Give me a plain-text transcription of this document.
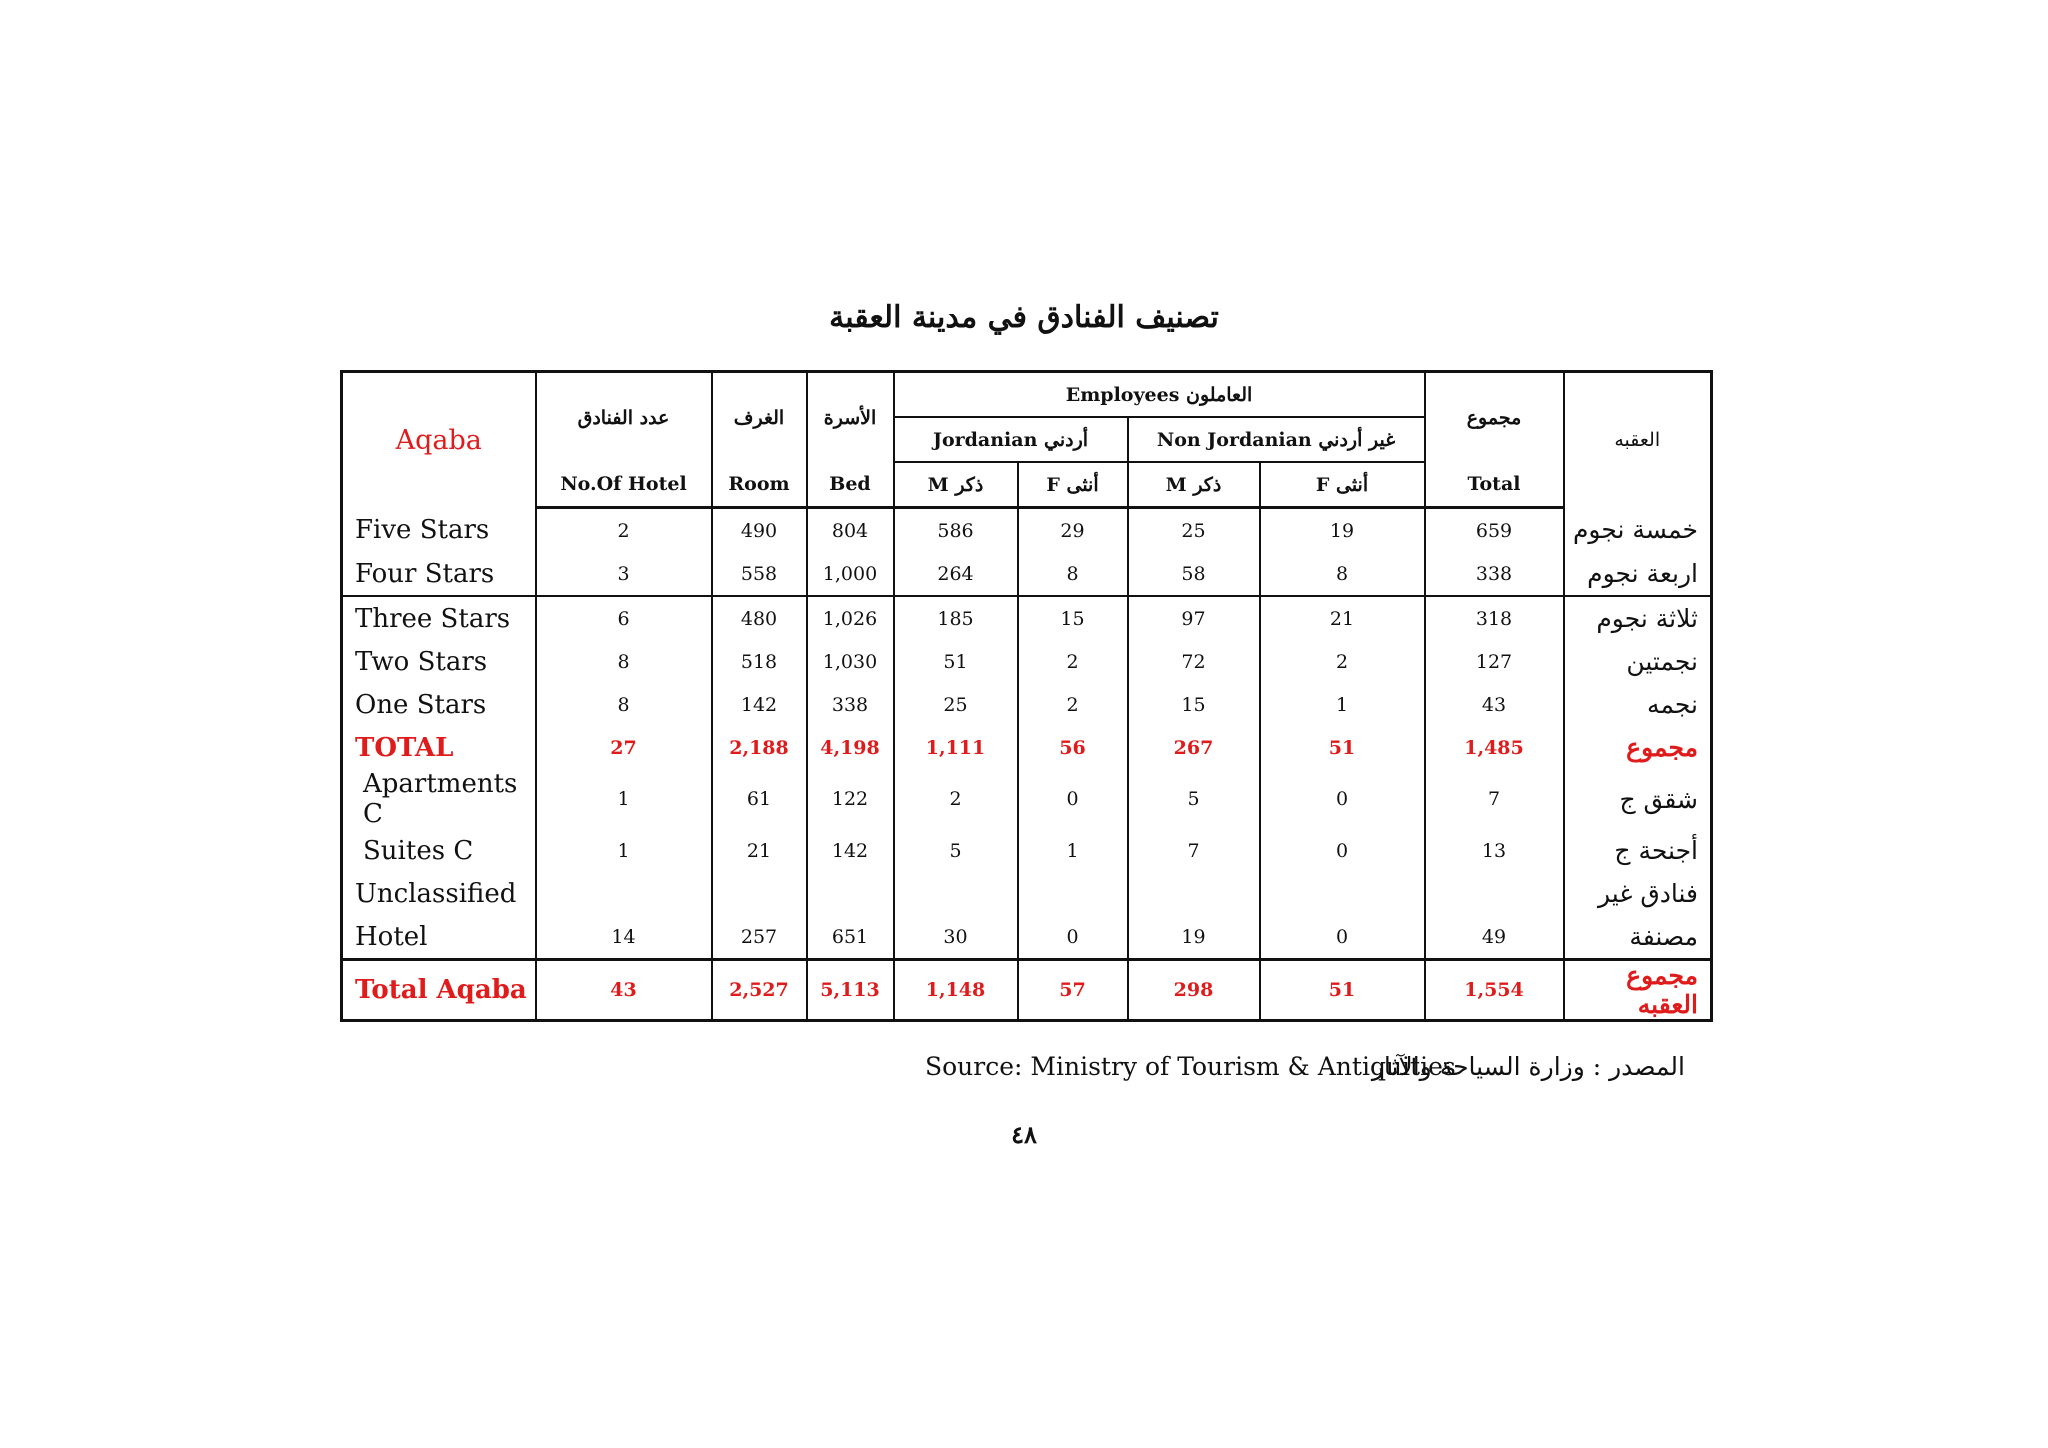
تصنيف الفنادق في مدينة العقبة
Aqaba	عدد الفنادق	الغرف	الأسرة	Employees العاملون				مجموع	العقبه
				Jordanian أردني		Non Jordanian غير أردني			
	No.Of Hotel	Room	Bed	M ذكر	F أنثى	M ذكر	F أنثى	Total	
Five Stars	2	490	804	586	29	25	19	659	خمسة نجوم
Four Stars	3	558	1,000	264	8	58	8	338	اربعة نجوم
Three Stars	6	480	1,026	185	15	97	21	318	ثلاثة نجوم
Two Stars	8	518	1,030	51	2	72	2	127	نجمتين
One Stars	8	142	338	25	2	15	1	43	نجمه
TOTAL	27	2,188	4,198	1,111	56	267	51	1,485	مجموع
Apartments C	1	61	122	2	0	5	0	7	شقق ج
Suites C	1	21	142	5	1	7	0	13	أجنحة ج
Unclassified									فنادق غير
Hotel	14	257	651	30	0	19	0	49	مصنفة
Total Aqaba	43	2,527	5,113	1,148	57	298	51	1,554	مجموع العقبه
Source: Ministry of Tourism & Antiquities
المصدر : وزارة السياحة والآثار
٤٨
